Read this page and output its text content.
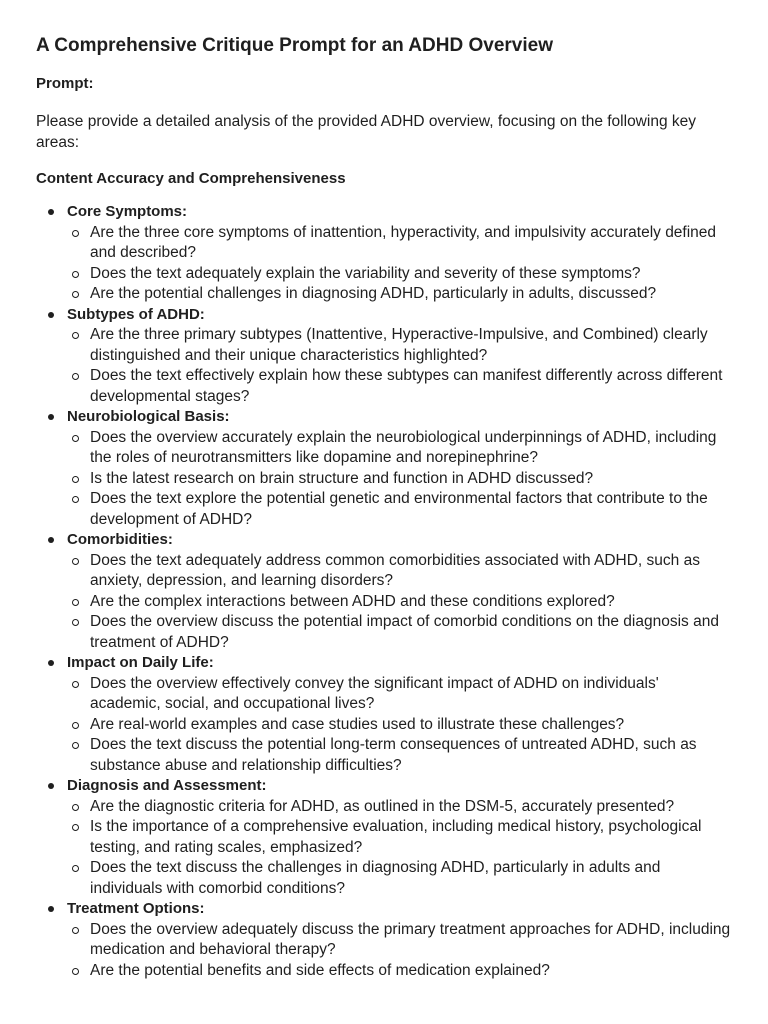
A Comprehensive Critique Prompt for an ADHD Overview
Prompt:
Please provide a detailed analysis of the provided ADHD overview, focusing on the following key areas:
Content Accuracy and Comprehensiveness
Core Symptoms:
Are the three core symptoms of inattention, hyperactivity, and impulsivity accurately defined and described?
Does the text adequately explain the variability and severity of these symptoms?
Are the potential challenges in diagnosing ADHD, particularly in adults, discussed?
Subtypes of ADHD:
Are the three primary subtypes (Inattentive, Hyperactive-Impulsive, and Combined) clearly distinguished and their unique characteristics highlighted?
Does the text effectively explain how these subtypes can manifest differently across different developmental stages?
Neurobiological Basis:
Does the overview accurately explain the neurobiological underpinnings of ADHD, including the roles of neurotransmitters like dopamine and norepinephrine?
Is the latest research on brain structure and function in ADHD discussed?
Does the text explore the potential genetic and environmental factors that contribute to the development of ADHD?
Comorbidities:
Does the text adequately address common comorbidities associated with ADHD, such as anxiety, depression, and learning disorders?
Are the complex interactions between ADHD and these conditions explored?
Does the overview discuss the potential impact of comorbid conditions on the diagnosis and treatment of ADHD?
Impact on Daily Life:
Does the overview effectively convey the significant impact of ADHD on individuals' academic, social, and occupational lives?
Are real-world examples and case studies used to illustrate these challenges?
Does the text discuss the potential long-term consequences of untreated ADHD, such as substance abuse and relationship difficulties?
Diagnosis and Assessment:
Are the diagnostic criteria for ADHD, as outlined in the DSM-5, accurately presented?
Is the importance of a comprehensive evaluation, including medical history, psychological testing, and rating scales, emphasized?
Does the text discuss the challenges in diagnosing ADHD, particularly in adults and individuals with comorbid conditions?
Treatment Options:
Does the overview adequately discuss the primary treatment approaches for ADHD, including medication and behavioral therapy?
Are the potential benefits and side effects of medication explained?
